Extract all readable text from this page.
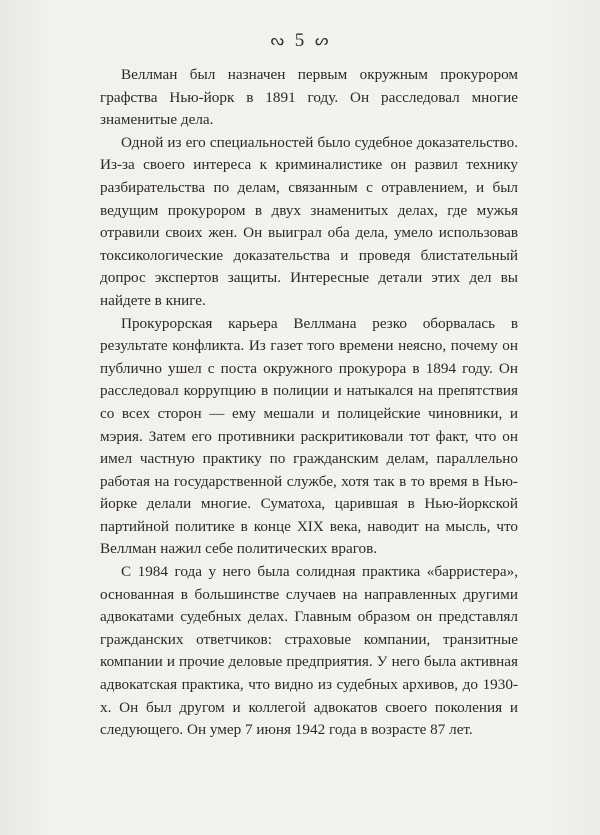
ᔓ 5 ᔕ

Веллман был назначен первым окружным прокурором графства Нью-йорк в 1891 году. Он расследовал многие знаменитые дела.

Одной из его специальностей было судебное доказательство. Из-за своего интереса к криминалистике он развил технику разбирательства по делам, связанным с отравлением, и был ведущим прокурором в двух знаменитых делах, где мужья отравили своих жен. Он выиграл оба дела, умело использовав токсикологические доказательства и проведя блистательный допрос экспертов защиты. Интересные детали этих дел вы найдете в книге.

Прокурорская карьера Веллмана резко оборвалась в результате конфликта. Из газет того времени неясно, почему он публично ушел с поста окружного прокурора в 1894 году. Он расследовал коррупцию в полиции и натыкался на препятствия со всех сторон — ему мешали и полицейские чиновники, и мэрия. Затем его противники раскритиковали тот факт, что он имел частную практику по гражданским делам, параллельно работая на государственной службе, хотя так в то время в Нью-йорке делали многие. Суматоха, царившая в Нью-йоркской партийной политике в конце XIX века, наводит на мысль, что Веллман нажил себе политических врагов.

С 1984 года у него была солидная практика «барристера», основанная в большинстве случаев на направленных другими адвокатами судебных делах. Главным образом он представлял гражданских ответчиков: страховые компании, транзитные компании и прочие деловые предприятия. У него была активная адвокатская практика, что видно из судебных архивов, до 1930-х. Он был другом и коллегой адвокатов своего поколения и следующего. Он умер 7 июня 1942 года в возрасте 87 лет.
